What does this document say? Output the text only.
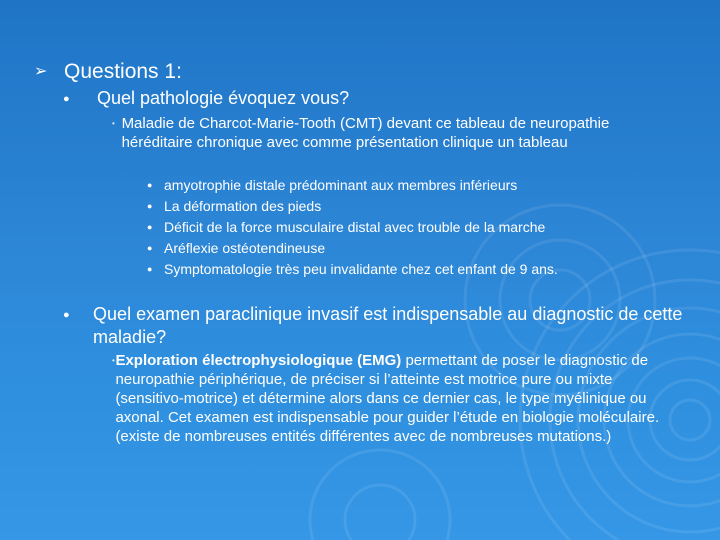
➢ Questions 1:
●	Quel pathologie évoquez vous?
• Maladie de Charcot-Marie-Tooth (CMT) devant ce tableau de neuropathie héréditaire chronique avec comme présentation clinique un tableau
● amyotrophie distale prédominant aux membres inférieurs
● La déformation des pieds
● Déficit de la force musculaire distal avec trouble de la marche
● Aréflexie ostéotendineuse
● Symptomatologie très peu invalidante chez cet enfant de 9 ans.
●	Quel examen paraclinique invasif est indispensable au diagnostic de cette maladie?
• Exploration électrophysiologique (EMG) permettant de poser le diagnostic de neuropathie périphérique, de préciser si l’atteinte est motrice pure ou mixte (sensitivo-motrice) et détermine alors dans ce dernier cas, le type myélinique ou axonal. Cet examen est indispensable pour guider l’étude en biologie moléculaire. (existe de nombreuses entités différentes avec de nombreuses mutations.)
